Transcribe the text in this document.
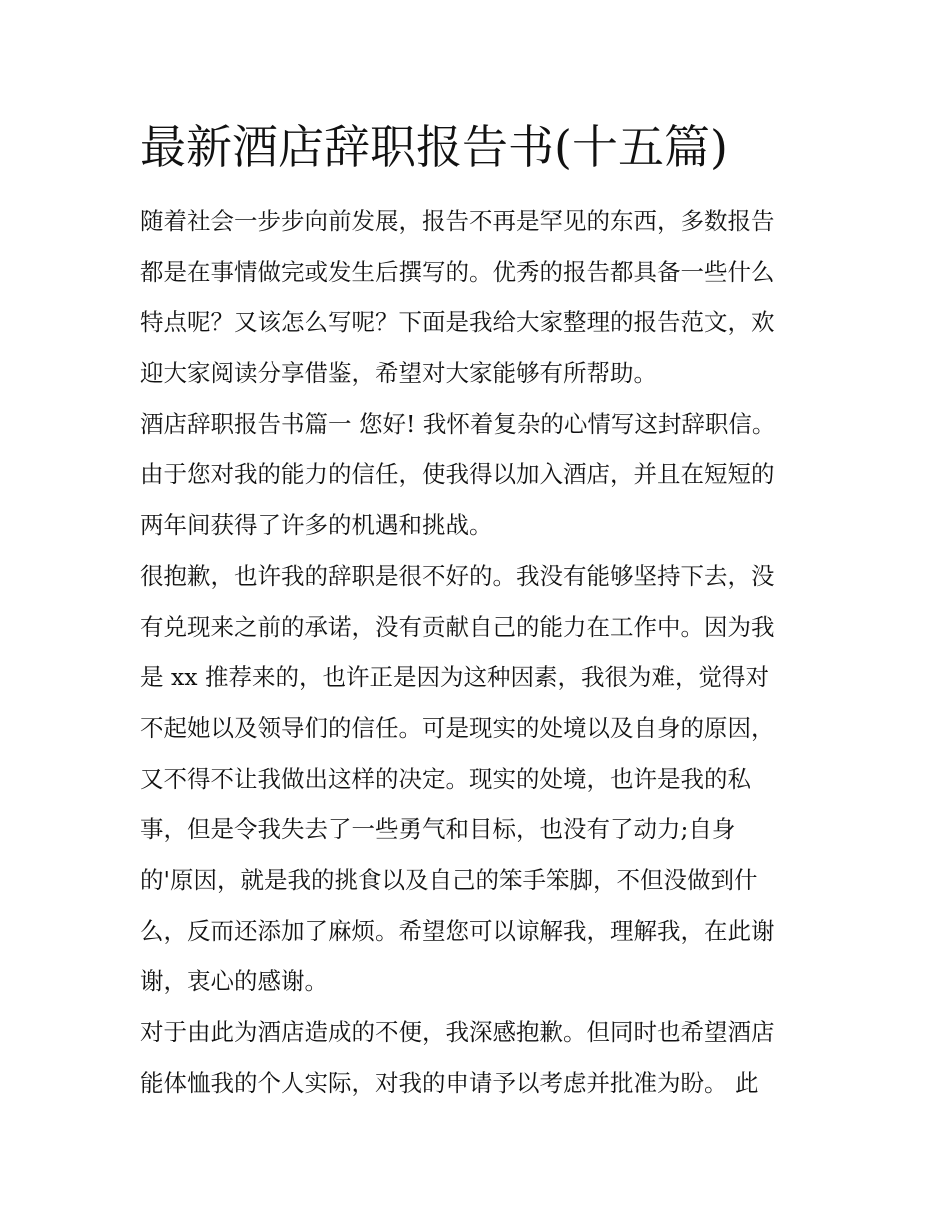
最新酒店辞职报告书(十五篇)
随着社会一步步向前发展，报告不再是罕见的东西，多数报告
都是在事情做完或发生后撰写的。优秀的报告都具备一些什么
特点呢？又该怎么写呢？下面是我给大家整理的报告范文，欢
迎大家阅读分享借鉴，希望对大家能够有所帮助。
酒店辞职报告书篇一 您好! 我怀着复杂的心情写这封辞职信。
由于您对我的能力的信任，使我得以加入酒店，并且在短短的
两年间获得了许多的机遇和挑战。
很抱歉，也许我的辞职是很不好的。我没有能够坚持下去，没
有兑现来之前的承诺，没有贡献自己的能力在工作中。因为我
是 xx 推荐来的，也许正是因为这种因素，我很为难，觉得对
不起她以及领导们的信任。可是现实的处境以及自身的原因，
又不得不让我做出这样的决定。现实的处境，也许是我的私
事，但是令我失去了一些勇气和目标，也没有了动力;自身
的'原因，就是我的挑食以及自己的笨手笨脚，不但没做到什
么，反而还添加了麻烦。希望您可以谅解我，理解我，在此谢
谢，衷心的感谢。
对于由此为酒店造成的不便，我深感抱歉。但同时也希望酒店
能体恤我的个人实际，对我的申请予以考虑并批准为盼。 此
